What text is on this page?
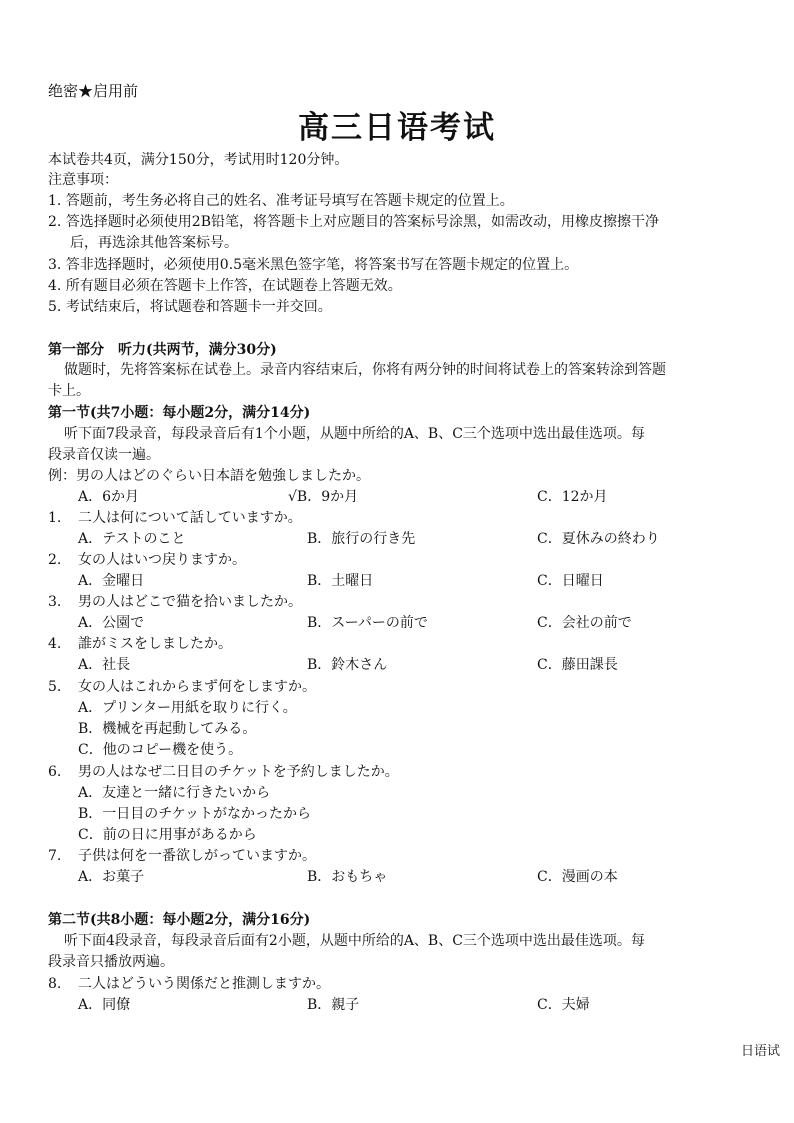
绝密★启用前
高三日语考试
本试卷共4页，满分150分，考试用时120分钟。
注意事项：
1. 答题前，考生务必将自己的姓名、准考证号填写在答题卡规定的位置上。
2. 答选择题时必须使用2B铅笔，将答题卡上对应题目的答案标号涂黑，如需改动，用橡皮擦擦干净
后，再选涂其他答案标号。
3. 答非选择题时，必须使用0.5毫米黑色签字笔，将答案书写在答题卡规定的位置上。
4. 所有题目必须在答题卡上作答，在试题卷上答题无效。
5. 考试结束后，将试题卷和答题卡一并交回。
第一部分　听力(共两节，满分30分)
做题时，先将答案标在试卷上。录音内容结束后，你将有两分钟的时间将试卷上的答案转涂到答题
卡上。
第一节(共7小题：每小题2分，满分14分)
听下面7段录音，每段录音后有1个小题，从题中所给的A、B、C三个选项中选出最佳选项。每
段录音仅读一遍。
例：男の人はどのぐらい日本語を勉強しましたか。
A．6か月	√B．9か月	C．12か月
1. 二人は何について話していますか。
A．テストのこと	B．旅行の行き先	C．夏休みの終わり
2. 女の人はいつ戻りますか。
A．金曜日	B．土曜日	C．日曜日
3. 男の人はどこで猫を拾いましたか。
A．公園で	B．スーパーの前で	C．会社の前で
4. 誰がミスをしましたか。
A．社長	B．鈴木さん	C．藤田課長
5. 女の人はこれからまず何をしますか。
A．プリンター用紙を取りに行く。
B．機械を再起動してみる。
C．他のコピー機を使う。
6. 男の人はなぜ二日目のチケットを予約しましたか。
A．友達と一緒に行きたいから
B．一日目のチケットがなかったから
C．前の日に用事があるから
7. 子供は何を一番欲しがっていますか。
A．お菓子	B．おもちゃ	C．漫画の本
第二节(共8小题：每小题2分，满分16分)
听下面4段录音，每段录音后面有2小题，从题中所给的A、B、C三个选项中选出最佳选项。每
段录音只播放两遍。
8. 二人はどういう関係だと推測しますか。
A．同僚	B．親子	C．夫婦
日语试
